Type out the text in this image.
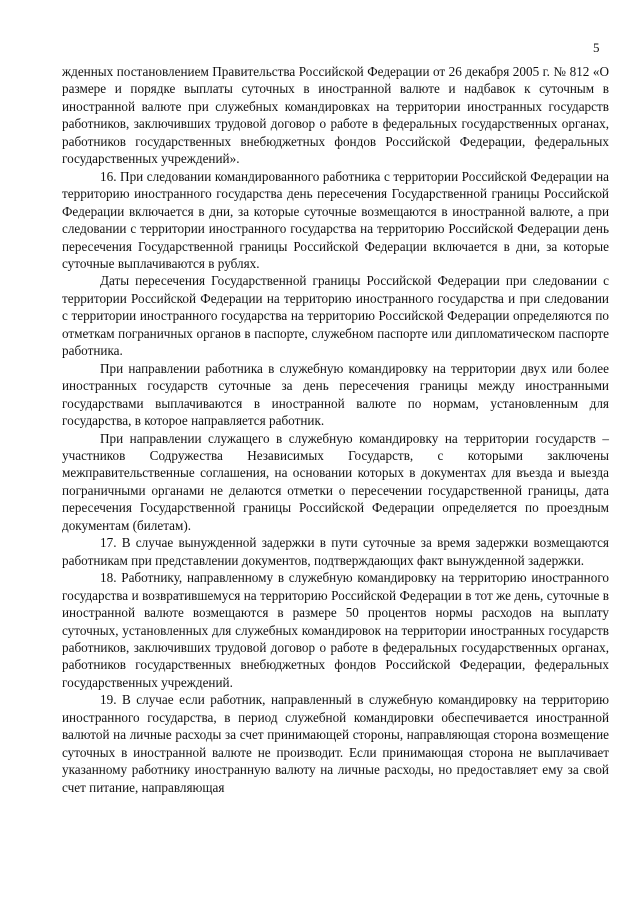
5

жденных постановлением Правительства Российской Федерации от 26 декабря 2005 г. № 812 «О размере и порядке выплаты суточных в иностранной валюте и надбавок к суточным в иностранной валюте при служебных командировках на территории иностранных государств работников, заключивших трудовой договор о работе в федеральных государственных органах, работников государственных внебюджетных фондов Российской Федерации, федеральных государственных учреждений».

16. При следовании командированного работника с территории Российской Федерации на территорию иностранного государства день пересечения Государственной границы Российской Федерации включается в дни, за которые суточные возмещаются в иностранной валюте, а при следовании с территории иностранного государства на территорию Российской Федерации день пересечения Государственной границы Российской Федерации включается в дни, за которые суточные выплачиваются в рублях.

Даты пересечения Государственной границы Российской Федерации при следовании с территории Российской Федерации на территорию иностранного государства и при следовании с территории иностранного государства на территорию Российской Федерации определяются по отметкам пограничных органов в паспорте, служебном паспорте или дипломатическом паспорте работника.

При направлении работника в служебную командировку на территории двух или более иностранных государств суточные за день пересечения границы между иностранными государствами выплачиваются в иностранной валюте по нормам, установленным для государства, в которое направляется работник.

При направлении служащего в служебную командировку на территории государств – участников Содружества Независимых Государств, с которыми заключены межправительственные соглашения, на основании которых в документах для въезда и выезда пограничными органами не делаются отметки о пересечении государственной границы, дата пересечения Государственной границы Российской Федерации определяется по проездным документам (билетам).

17. В случае вынужденной задержки в пути суточные за время задержки возмещаются работникам при представлении документов, подтверждающих факт вынужденной задержки.

18. Работнику, направленному в служебную командировку на территорию иностранного государства и возвратившемуся на территорию Российской Федерации в тот же день, суточные в иностранной валюте возмещаются в размере 50 процентов нормы расходов на выплату суточных, установленных для служебных командировок на территории иностранных государств работников, заключивших трудовой договор о работе в федеральных государственных органах, работников государственных внебюджетных фондов Российской Федерации, федеральных государственных учреждений.

19. В случае если работник, направленный в служебную командировку на территорию иностранного государства, в период служебной командировки обеспечивается иностранной валютой на личные расходы за счет принимающей стороны, направляющая сторона возмещение суточных в иностранной валюте не производит. Если принимающая сторона не выплачивает указанному работнику иностранную валюту на личные расходы, но предоставляет ему за свой счет питание, направляющая
